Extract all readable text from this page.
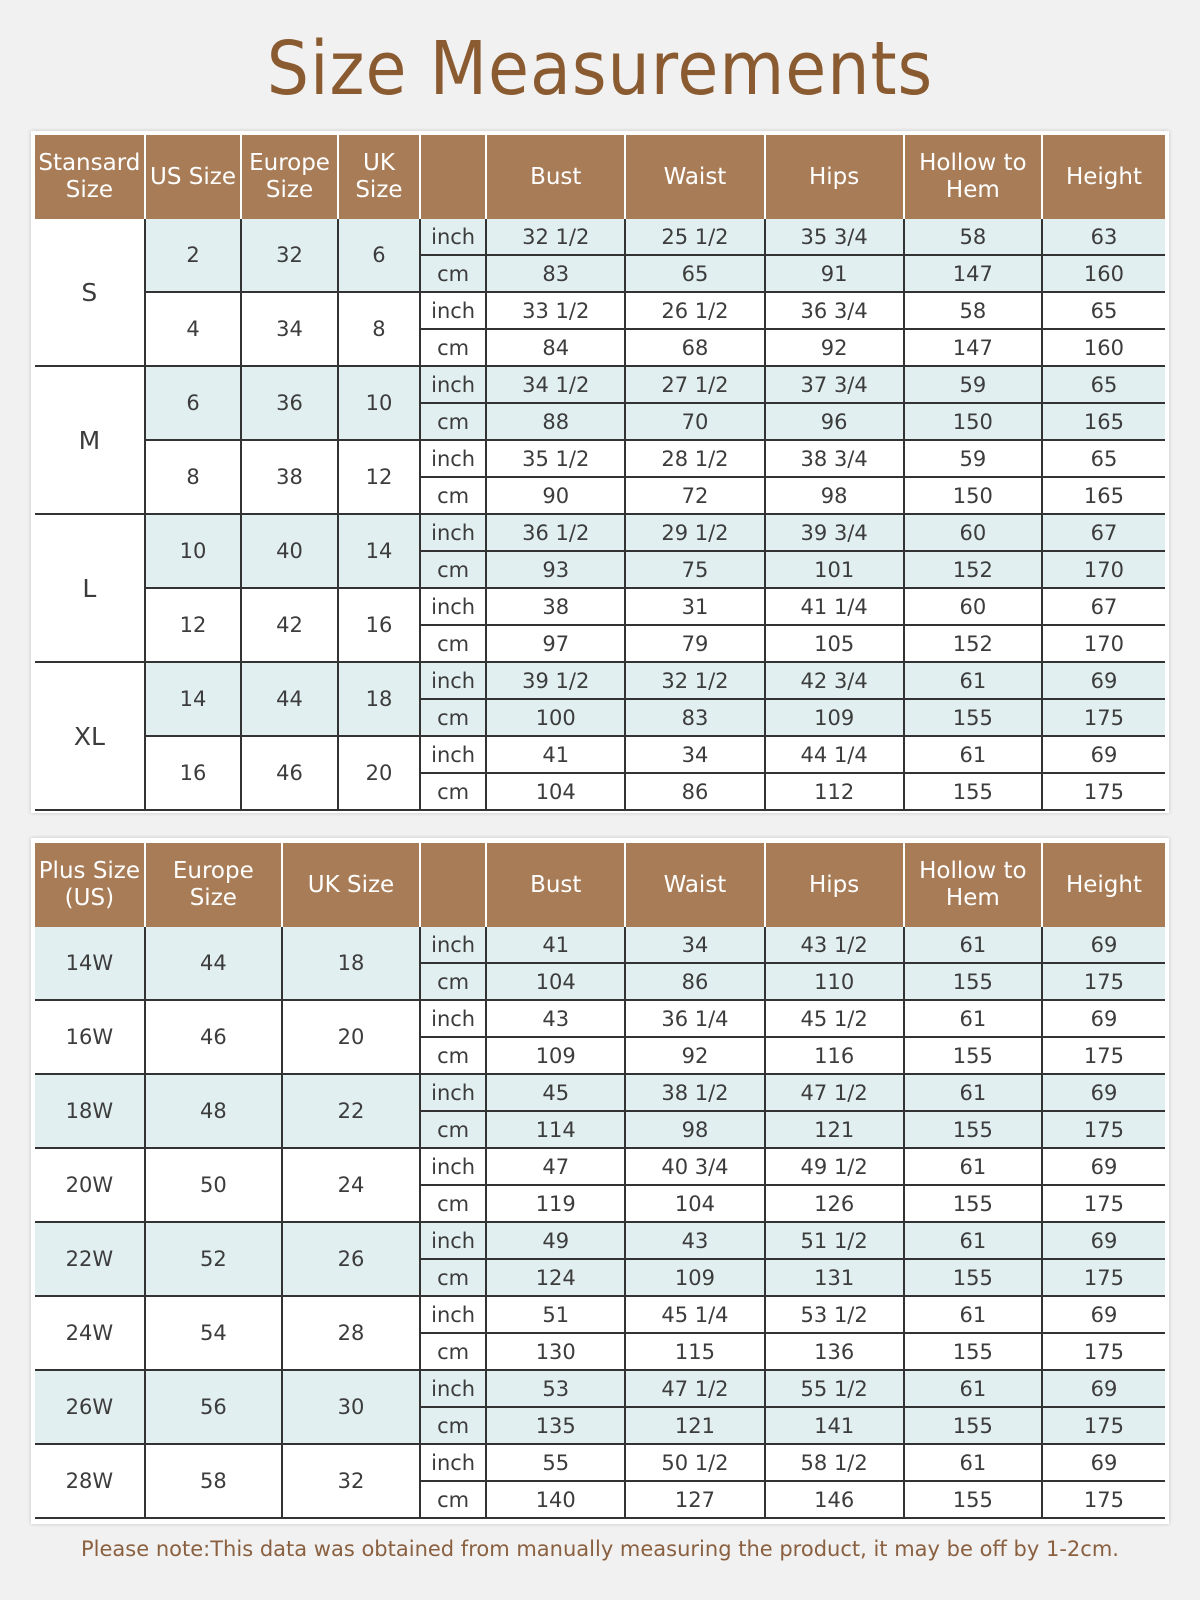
Size Measurements
Stansard Size	US Size	Europe Size	UK Size		Bust	Waist	Hips	Hollow to Hem	Height
S	2	32	6	inch	32 1/2	25 1/2	35 3/4	58	63
				cm	83	65	91	147	160
	4	34	8	inch	33 1/2	26 1/2	36 3/4	58	65
				cm	84	68	92	147	160
M	6	36	10	inch	34 1/2	27 1/2	37 3/4	59	65
				cm	88	70	96	150	165
	8	38	12	inch	35 1/2	28 1/2	38 3/4	59	65
				cm	90	72	98	150	165
L	10	40	14	inch	36 1/2	29 1/2	39 3/4	60	67
				cm	93	75	101	152	170
	12	42	16	inch	38	31	41 1/4	60	67
				cm	97	79	105	152	170
XL	14	44	18	inch	39 1/2	32 1/2	42 3/4	61	69
				cm	100	83	109	155	175
	16	46	20	inch	41	34	44 1/4	61	69
				cm	104	86	112	155	175
Plus Size (US)	Europe Size	UK Size		Bust	Waist	Hips	Hollow to Hem	Height
14W	44	18	inch	41	34	43 1/2	61	69
			cm	104	86	110	155	175
16W	46	20	inch	43	36 1/4	45 1/2	61	69
			cm	109	92	116	155	175
18W	48	22	inch	45	38 1/2	47 1/2	61	69
			cm	114	98	121	155	175
20W	50	24	inch	47	40 3/4	49 1/2	61	69
			cm	119	104	126	155	175
22W	52	26	inch	49	43	51 1/2	61	69
			cm	124	109	131	155	175
24W	54	28	inch	51	45 1/4	53 1/2	61	69
			cm	130	115	136	155	175
26W	56	30	inch	53	47 1/2	55 1/2	61	69
			cm	135	121	141	155	175
28W	58	32	inch	55	50 1/2	58 1/2	61	69
			cm	140	127	146	155	175
Please note:This data was obtained from manually measuring the product, it may be off by 1-2cm.
